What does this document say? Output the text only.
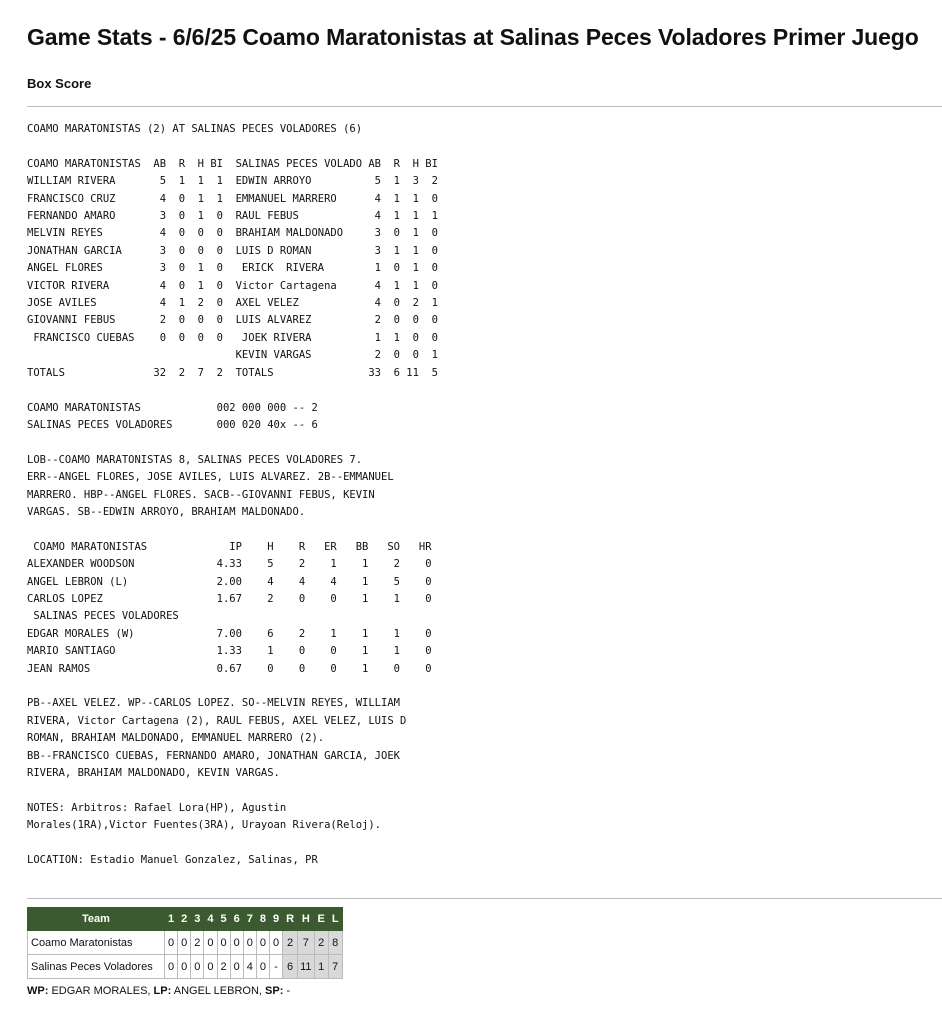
Game Stats - 6/6/25 Coamo Maratonistas at Salinas Peces Voladores Primer Juego
Box Score
COAMO MARATONISTAS (2) AT SALINAS PECES VOLADORES (6)

COAMO MARATONISTAS  AB  R  H BI  SALINAS PECES VOLADO AB  R  H BI
WILLIAM RIVERA       5  1  1  1  EDWIN ARROYO          5  1  3  2
FRANCISCO CRUZ       4  0  1  1  EMMANUEL MARRERO      4  1  1  0
FERNANDO AMARO       3  0  1  0  RAUL FEBUS            4  1  1  1
MELVIN REYES         4  0  0  0  BRAHIAM MALDONADO     3  0  1  0
JONATHAN GARCIA      3  0  0  0  LUIS D ROMAN          3  1  1  0
ANGEL FLORES         3  0  1  0   ERICK  RIVERA        1  0  1  0
VICTOR RIVERA        4  0  1  0  Victor Cartagena      4  1  1  0
JOSE AVILES          4  1  2  0  AXEL VELEZ            4  0  2  1
GIOVANNI FEBUS       2  0  0  0  LUIS ALVAREZ          2  0  0  0
FRANCISCO CUEBAS    0  0  0  0   JOEK RIVERA          1  1  0  0
KEVIN VARGAS          2  0  0  1
TOTALS              32  2  7  2  TOTALS               33  6 11  5

COAMO MARATONISTAS            002 000 000 -- 2
SALINAS PECES VOLADORES       000 020 40x -- 6

LOB--COAMO MARATONISTAS 8, SALINAS PECES VOLADORES 7.
ERR--ANGEL FLORES, JOSE AVILES, LUIS ALVAREZ. 2B--EMMANUEL
MARRERO. HBP--ANGEL FLORES. SACB--GIOVANNI FEBUS, KEVIN
VARGAS. SB--EDWIN ARROYO, BRAHIAM MALDONADO.

COAMO MARATONISTAS             IP    H    R   ER   BB   SO   HR
ALEXANDER WOODSON             4.33    5    2    1    1    2    0
ANGEL LEBRON (L)              2.00    4    4    4    1    5    0
CARLOS LOPEZ                  1.67    2    0    0    1    1    0
SALINAS PECES VOLADORES
EDGAR MORALES (W)             7.00    6    2    1    1    1    0
MARIO SANTIAGO                1.33    1    0    0    1    1    0
JEAN RAMOS                    0.67    0    0    0    1    0    0

PB--AXEL VELEZ. WP--CARLOS LOPEZ. SO--MELVIN REYES, WILLIAM
RIVERA, Victor Cartagena (2), RAUL FEBUS, AXEL VELEZ, LUIS D
ROMAN, BRAHIAM MALDONADO, EMMANUEL MARRERO (2).
BB--FRANCISCO CUEBAS, FERNANDO AMARO, JONATHAN GARCIA, JOEK
RIVERA, BRAHIAM MALDONADO, KEVIN VARGAS.

NOTES: Arbitros: Rafael Lora(HP), Agustin
Morales(1RA),Victor Fuentes(3RA), Urayoan Rivera(Reloj).

LOCATION: Estadio Manuel Gonzalez, Salinas, PR

Team	1	2	3	4	5	6	7	8	9	R	H	E	L
Coamo Maratonistas	0	0	2	0	0	0	0	0	0	2	7	2	8
Salinas Peces Voladores	0	0	0	0	2	0	4	0	-	6	11	1	7
WP: EDGAR MORALES, LP: ANGEL LEBRON, SP: -
